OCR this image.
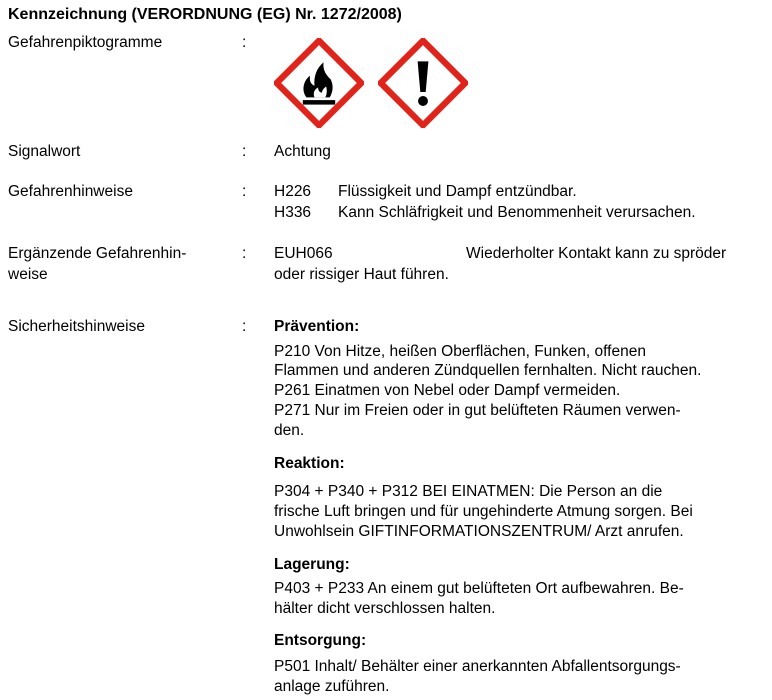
Kennzeichnung (VERORDNUNG (EG) Nr. 1272/2008)
Gefahrenpiktogramme	:
Signalwort	: Achtung
Gefahrenhinweise	: H226 Flüssigkeit und Dampf entzündbar.
H336 Kann Schläfrigkeit und Benommenheit verursachen.
Ergänzende Gefahrenhin-
weise
: EUH066	Wiederholter Kontakt kann zu spröder
oder rissiger Haut führen.
Sicherheitshinweise	: Prävention:
P210 Von Hitze, heißen Oberflächen, Funken, offenen
Flammen und anderen Zündquellen fernhalten. Nicht rauchen.
P261 Einatmen von Nebel oder Dampf vermeiden.
P271 Nur im Freien oder in gut belüfteten Räumen verwen-
den.
Reaktion:
P304 + P340 + P312 BEI EINATMEN: Die Person an die
frische Luft bringen und für ungehinderte Atmung sorgen. Bei
Unwohlsein GIFTINFORMATIONSZENTRUM/ Arzt anrufen.
Lagerung:
P403 + P233 An einem gut belüfteten Ort aufbewahren. Be-
hälter dicht verschlossen halten.
Entsorgung:
P501 Inhalt/ Behälter einer anerkannten Abfallentsorgungs-
anlage zuführen.
